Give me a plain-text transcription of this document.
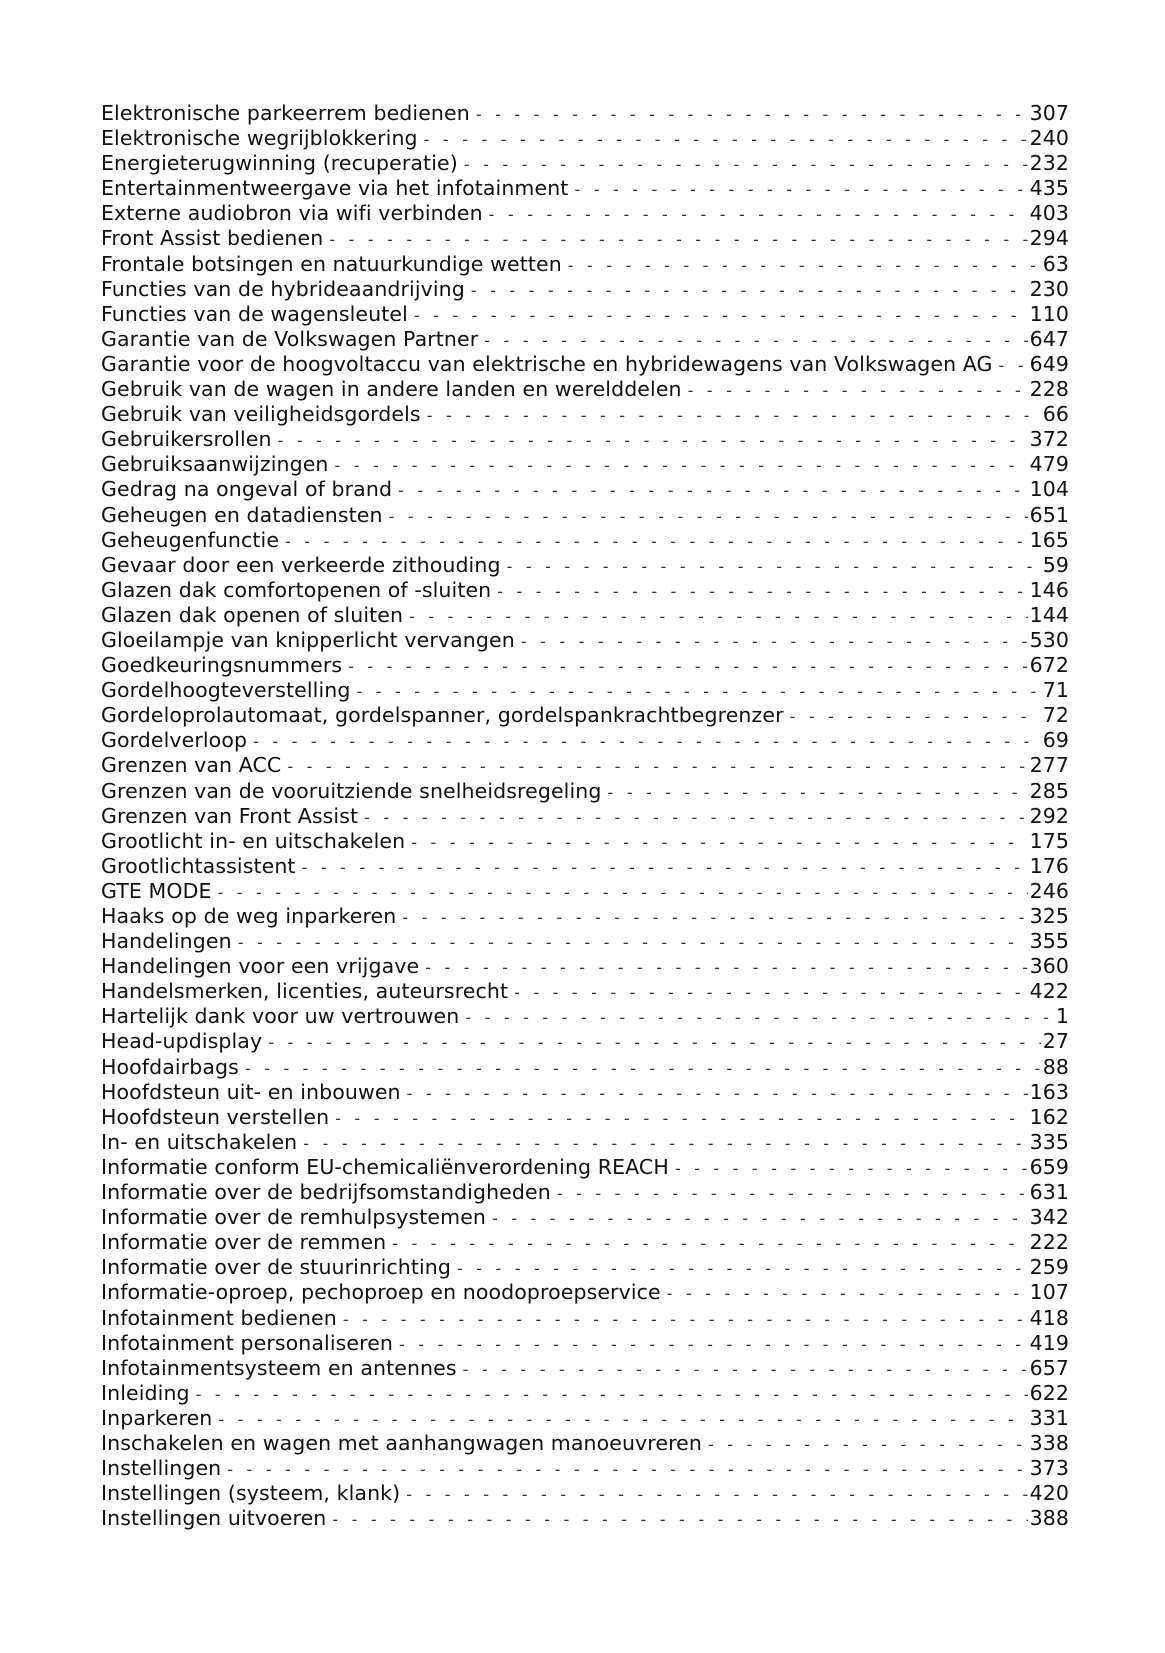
Elektronische parkeerrem bedienen - - -	307
Elektronische wegrijblokkering - - -	240
Energieterugwinning (recuperatie) - - -	232
Entertainmentweergave via het infotainment - - -	435
Externe audiobron via wifi verbinden - - -	403
Front Assist bedienen - - -	294
Frontale botsingen en natuurkundige wetten - - -	63
Functies van de hybrideaandrijving - - -	230
Functies van de wagensleutel - - -	110
Garantie van de Volkswagen Partner - - -	647
Garantie voor de hoogvoltaccu van elektrische en hybridewagens van Volkswagen AG - - - 649
Gebruik van de wagen in andere landen en werelddelen - - -	228
Gebruik van veiligheidsgordels - - -	66
Gebruikersrollen - - -	372
Gebruiksaanwijzingen - - -	479
Gedrag na ongeval of brand - - -	104
Geheugen en datadiensten - - -	651
Geheugenfunctie - - -	165
Gevaar door een verkeerde zithouding - - -	59
Glazen dak comfortopenen of -sluiten - - -	146
Glazen dak openen of sluiten - - -	144
Gloeilampje van knipperlicht vervangen - - -	530
Goedkeuringsnummers - - -	672
Gordelhoogteverstelling - - -	71
Gordeloprolautomaat, gordelspanner, gordelspankrachtbegrenzer - - -	72
Gordelverloop - - -	69
Grenzen van ACC - - -	277
Grenzen van de vooruitziende snelheidsregeling - - -	285
Grenzen van Front Assist - - -	292
Grootlicht in- en uitschakelen - - -	175
Grootlichtassistent - - -	176
GTE MODE - - -	246
Haaks op de weg inparkeren - - -	325
Handelingen - - -	355
Handelingen voor een vrijgave - - -	360
Handelsmerken, licenties, auteursrecht - - -	422
Hartelijk dank voor uw vertrouwen - - -	1
Head-updisplay - - -	27
Hoofdairbags - - -	88
Hoofdsteun uit- en inbouwen - - -	163
Hoofdsteun verstellen - - -	162
In- en uitschakelen - - -	335
Informatie conform EU-chemicaliënverordening REACH - - -	659
Informatie over de bedrijfsomstandigheden - - -	631
Informatie over de remhulpsystemen - - -	342
Informatie over de remmen - - -	222
Informatie over de stuurinrichting - - -	259
Informatie-oproep, pechoproep en noodoproepservice - - -	107
Infotainment bedienen - - -	418
Infotainment personaliseren - - -	419
Infotainmentsysteem en antennes - - -	657
Inleiding - - -	622
Inparkeren - - -	331
Inschakelen en wagen met aanhangwagen manoeuvreren - - -	338
Instellingen - - -	373
Instellingen (systeem, klank) - - -	420
Instellingen uitvoeren - - -	388
